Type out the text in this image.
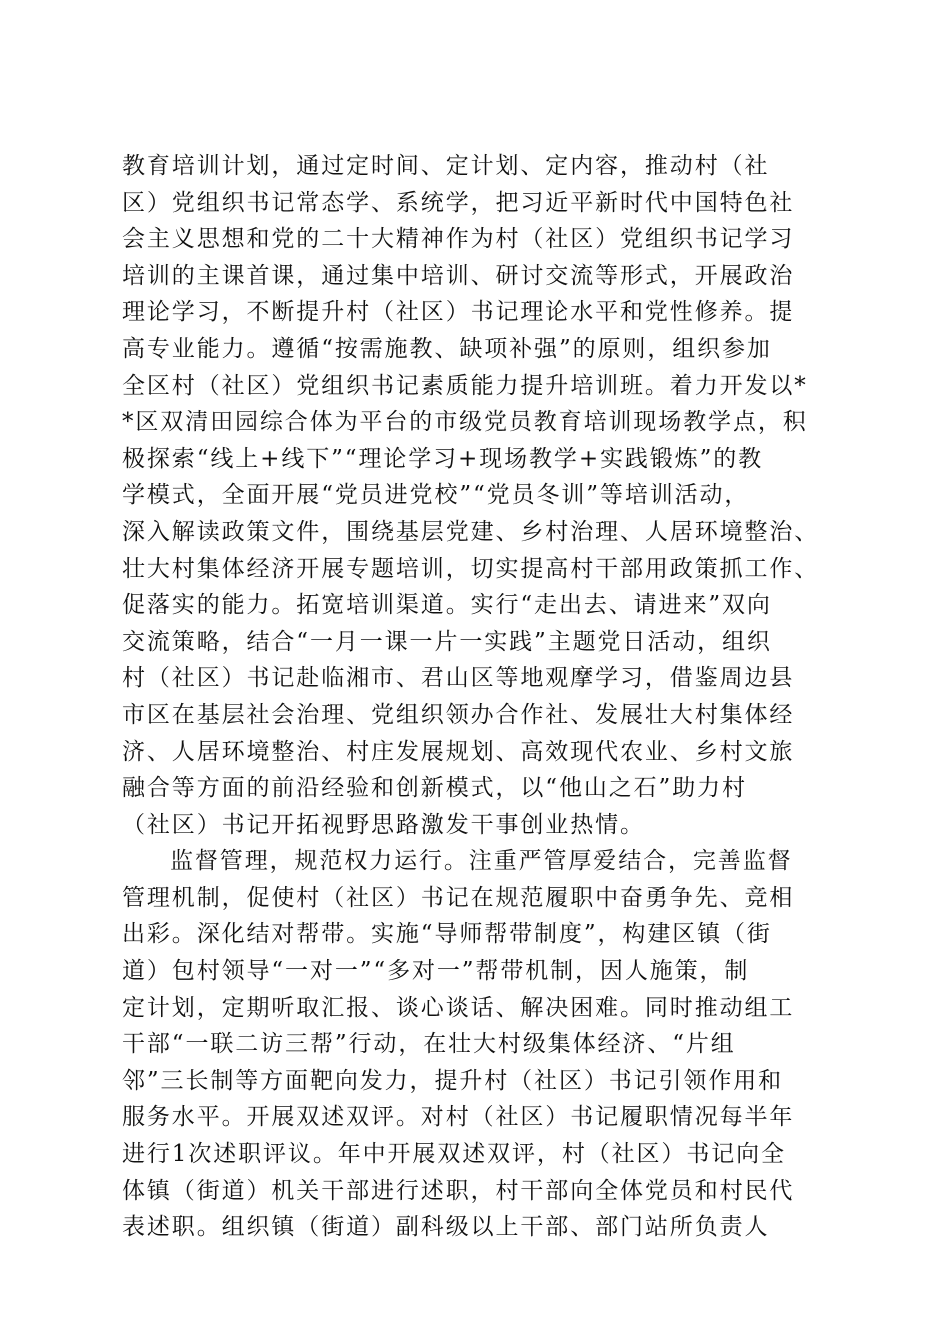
教育培训计划，通过定时间、定计划、定内容，推动村（社
区）党组织书记常态学、系统学，把习近平新时代中国特色社
会主义思想和党的二十大精神作为村（社区）党组织书记学习
培训的主课首课，通过集中培训、研讨交流等形式，开展政治
理论学习，不断提升村（社区）书记理论水平和党性修养。提
高专业能力。遵循“按需施教、缺项补强”的原则，组织参加
全区村（社区）党组织书记素质能力提升培训班。着力开发以*
*区双清田园综合体为平台的市级党员教育培训现场教学点，积
极探索“线上+线下”“理论学习+现场教学+实践锻炼”的教
学模式，全面开展“党员进党校”“党员冬训”等培训活动，
深入解读政策文件，围绕基层党建、乡村治理、人居环境整治、
壮大村集体经济开展专题培训，切实提高村干部用政策抓工作、
促落实的能力。拓宽培训渠道。实行“走出去、请进来”双向
交流策略，结合“一月一课一片一实践”主题党日活动，组织
村（社区）书记赴临湘市、君山区等地观摩学习，借鉴周边县
市区在基层社会治理、党组织领办合作社、发展壮大村集体经
济、人居环境整治、村庄发展规划、高效现代农业、乡村文旅
融合等方面的前沿经验和创新模式，以“他山之石”助力村
（社区）书记开拓视野思路激发干事创业热情。
监督管理，规范权力运行。注重严管厚爱结合，完善监督
管理机制，促使村（社区）书记在规范履职中奋勇争先、竞相
出彩。深化结对帮带。实施“导师帮带制度”，构建区镇（街
道）包村领导“一对一”“多对一”帮带机制，因人施策，制
定计划，定期听取汇报、谈心谈话、解决困难。同时推动组工
干部“一联二访三帮”行动，在壮大村级集体经济、“片组
邻”三长制等方面靶向发力，提升村（社区）书记引领作用和
服务水平。开展双述双评。对村（社区）书记履职情况每半年
进行1次述职评议。年中开展双述双评，村（社区）书记向全
体镇（街道）机关干部进行述职，村干部向全体党员和村民代
表述职。组织镇（街道）副科级以上干部、部门站所负责人
